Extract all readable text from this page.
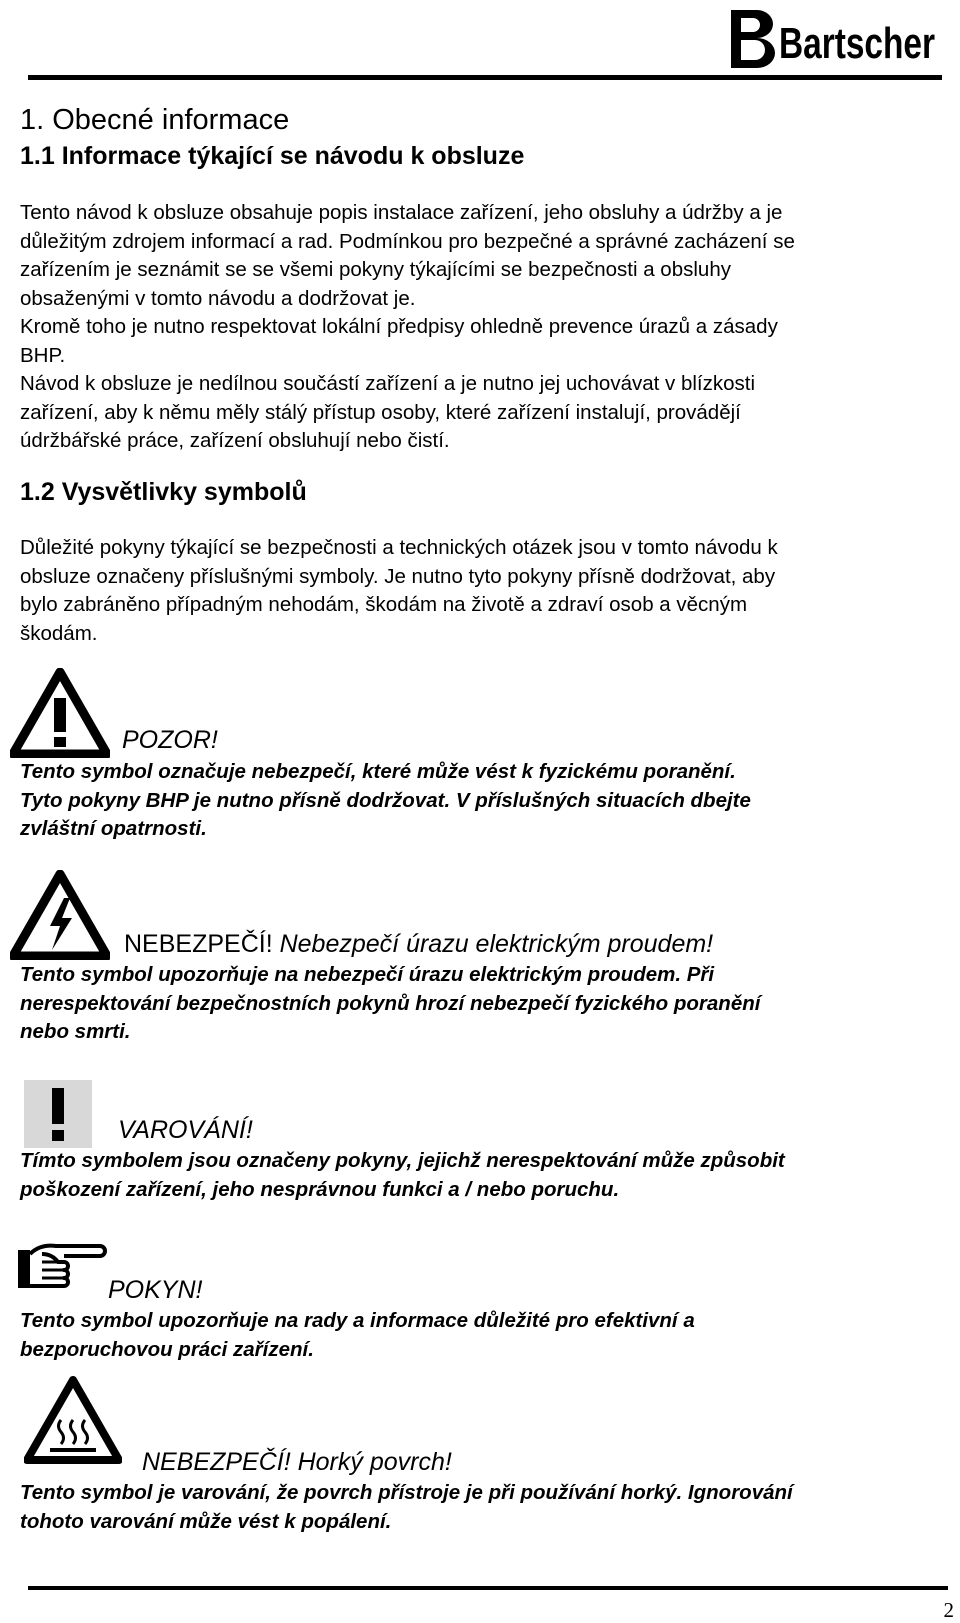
Bartscher
1. Obecné informace
1.1 Informace týkající se návodu k obsluze
Tento návod k obsluze obsahuje popis instalace zařízení, jeho obsluhy a údržby a je
důležitým zdrojem informací a rad. Podmínkou pro bezpečné a správné zacházení se
zařízením je seznámit se se všemi pokyny týkajícími se bezpečnosti a obsluhy
obsaženými v tomto návodu a dodržovat je.
Kromě toho je nutno respektovat lokální předpisy ohledně prevence úrazů a zásady
BHP.
Návod k obsluze je nedílnou součástí zařízení a je nutno jej uchovávat v blízkosti
zařízení, aby k němu měly stálý přístup osoby, které zařízení instalují, provádějí
údržbářské práce, zařízení obsluhují nebo čistí.
1.2 Vysvětlivky symbolů
Důležité pokyny týkající se bezpečnosti a technických otázek jsou v tomto návodu k
obsluze označeny příslušnými symboly. Je nutno tyto pokyny přísně dodržovat, aby
bylo zabráněno případným nehodám, škodám na životě a zdraví osob a věcným
škodám.
POZOR!
Tento symbol označuje nebezpečí, které může vést k fyzickému poranění.
Tyto pokyny BHP je nutno přísně dodržovat. V příslušných situacích dbejte
zvláštní opatrnosti.
NEBEZPEČÍ! Nebezpečí úrazu elektrickým proudem!
Tento symbol upozorňuje na nebezpečí úrazu elektrickým proudem. Při
nerespektování bezpečnostních pokynů hrozí nebezpečí fyzického poranění
nebo smrti.
VAROVÁNÍ!
Tímto symbolem jsou označeny pokyny, jejichž nerespektování může způsobit
poškození zařízení, jeho nesprávnou funkci a / nebo poruchu.
POKYN!
Tento symbol upozorňuje na rady a informace důležité pro efektivní a
bezporuchovou práci zařízení.
NEBEZPEČÍ! Horký povrch!
Tento symbol je varování, že povrch přístroje je při používání horký. Ignorování
tohoto varování může vést k popálení.
2
